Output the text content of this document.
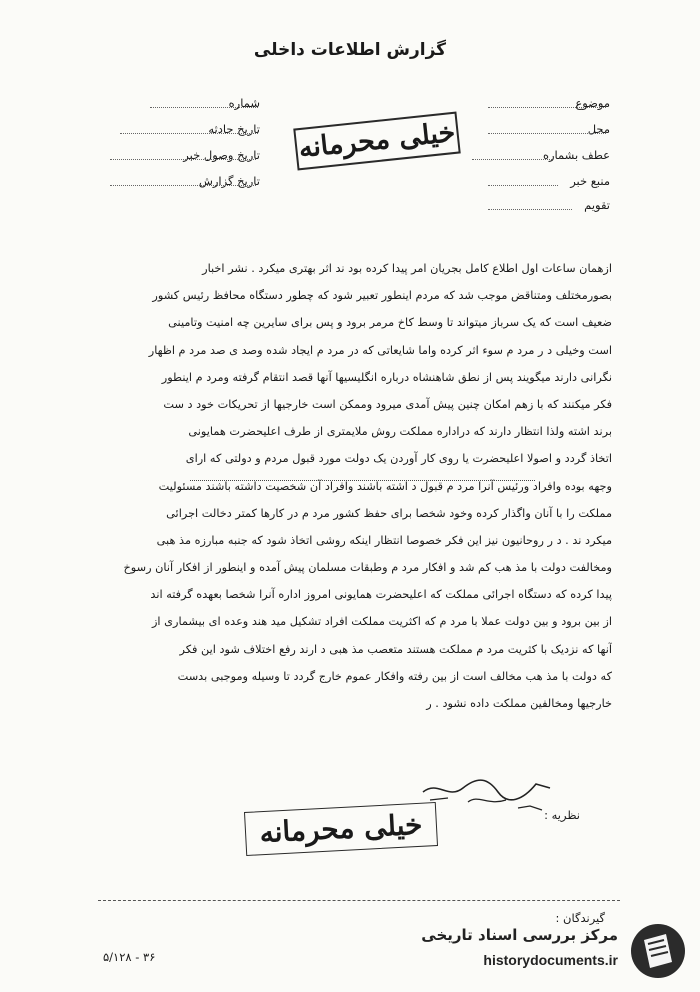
گزارش اطلاعات داخلی
شماره
تاریخ حادثه
تاریخ وصول خبر
تاریخ گزارش
موضوع
محل
عطف بشماره
منبع خبر
تقویم
خیلی محرمانه
ازهمان ساعات اول اطلاع کامل بجریان امر پیدا کرده بود ند اثر بهتری میکرد . نشر اخبار
بصورمختلف ومتناقض موجب شد که مردم اینطور تعبیر شود که چطور دستگاه محافظ رئیس کشور
ضعیف است که یک سرباز میتواند تا وسط کاخ مرمر برود و پس برای سایرین چه امنیت وتامینی
است وخیلی د ر مرد م سوء اثر کرده واما شایعاتی که در مرد م ایجاد شده وصد ی صد مرد م اظهار
نگرانی دارند میگویند پس از نطق شاهنشاه درباره انگلیسیها آنها قصد انتقام گرفته ومرد م اینطور
فکر میکنند که با زهم امکان چنین پیش آمدی میرود وممکن است خارجیها از تحریکات خود د ست
برند اشته ولذا انتظار دارند که دراداره مملکت روش ملایمتری از طرف اعلیحضرت همایونی
اتخاذ گردد و اصولا اعلیحضرت یا روی کار آوردن یک دولت مورد قبول مردم و دولتی که ارای
وجهه بوده وافراد ورئیس آنرا مرد م قبول د اشته باشند وافراد آن شخصیت داشته باشند مسئولیت
مملکت را با آنان واگذار کرده وخود شخصا برای حفظ کشور مرد م در کارها کمتر دخالت اجرائی
میکرد ند . د ر روحانیون نیز این فکر خصوصا انتظار اینکه روشی اتخاذ شود که جنبه مبارزه مذ هبی
ومخالفت دولت با مذ هب کم شد و افکار مرد م وطبقات مسلمان پیش آمده و اینطور از افکار آنان رسوخ
پیدا کرده که دستگاه اجرائی مملکت که اعلیحضرت همایونی امروز اداره آنرا شخصا بعهده گرفته اند
از بین برود و بین دولت عملا با مرد م که اکثریت مملکت افراد تشکیل مید هند وعده ای بیشماری از
آنها که نزدیک با کثریت مرد م مملکت هستند متعصب مذ هبی د ارند رفع اختلاف شود این فکر
که دولت با مذ هب مخالف است از بین رفته وافکار عموم خارج گردد تا وسیله وموجبی بدست
خارجیها ومخالفین مملکت داده نشود . ر
نظریه :
خیلی محرمانه
گیرندگان :
۵/۱۲۸ - ۳۶
مرکز بررسی اسناد تاریخی
historydocuments.ir
